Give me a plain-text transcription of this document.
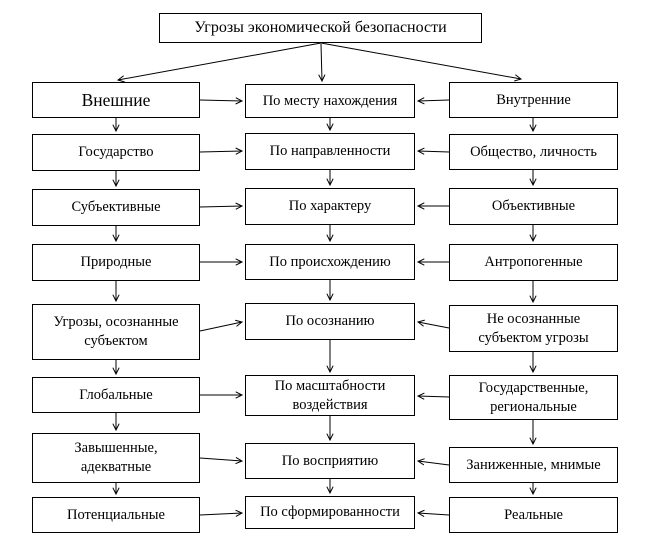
Угрозы экономической безопасности
Внешние	По месту нахождения	Внутренние
Государство	По направленности	Общество, личность
Субъективные	По характеру	Объективные
Природные	По происхождению	Антропогенные
Угрозы, осознанные субъектом
По осознанию	Не осознанные субъектом угрозы
Глобальные
По масштабности воздействия
Государственные, региональные
Завышенные, адекватные	По восприятию	Заниженные, мнимые
Потенциальные	По сформированности	Реальные
